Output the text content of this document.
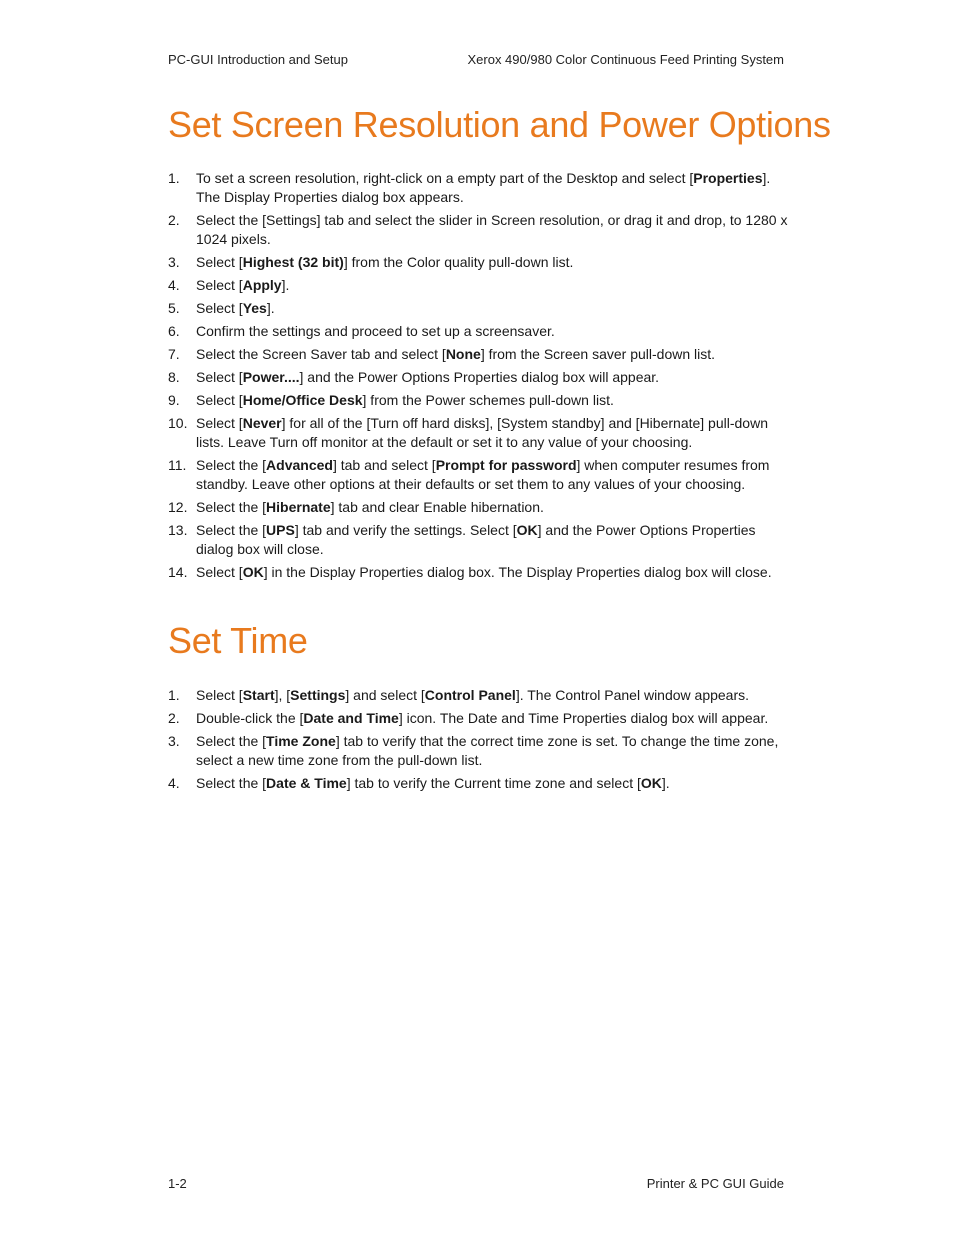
PC-GUI Introduction and Setup	Xerox 490/980 Color Continuous Feed Printing System
Set Screen Resolution and Power Options
1. To set a screen resolution, right-click on a empty part of the Desktop and select [Properties]. The Display Properties dialog box appears.
2. Select the [Settings] tab and select the slider in Screen resolution, or drag it and drop, to 1280 x 1024 pixels.
3. Select [Highest (32 bit)] from the Color quality pull-down list.
4. Select [Apply].
5. Select [Yes].
6. Confirm the settings and proceed to set up a screensaver.
7. Select the Screen Saver tab and select [None] from the Screen saver pull-down list.
8. Select [Power....] and the Power Options Properties dialog box will appear.
9. Select [Home/Office Desk] from the Power schemes pull-down list.
10. Select [Never] for all of the [Turn off hard disks], [System standby] and [Hibernate] pull-down lists. Leave Turn off monitor at the default or set it to any value of your choosing.
11. Select the [Advanced] tab and select [Prompt for password] when computer resumes from standby. Leave other options at their defaults or set them to any values of your choosing.
12. Select the [Hibernate] tab and clear Enable hibernation.
13. Select the [UPS] tab and verify the settings. Select [OK] and the Power Options Properties dialog box will close.
14. Select [OK] in the Display Properties dialog box. The Display Properties dialog box will close.
Set Time
1. Select [Start], [Settings] and select [Control Panel]. The Control Panel window appears.
2. Double-click the [Date and Time] icon. The Date and Time Properties dialog box will appear.
3. Select the [Time Zone] tab to verify that the correct time zone is set. To change the time zone, select a new time zone from the pull-down list.
4. Select the [Date & Time] tab to verify the Current time zone and select [OK].
1-2	Printer & PC GUI Guide
